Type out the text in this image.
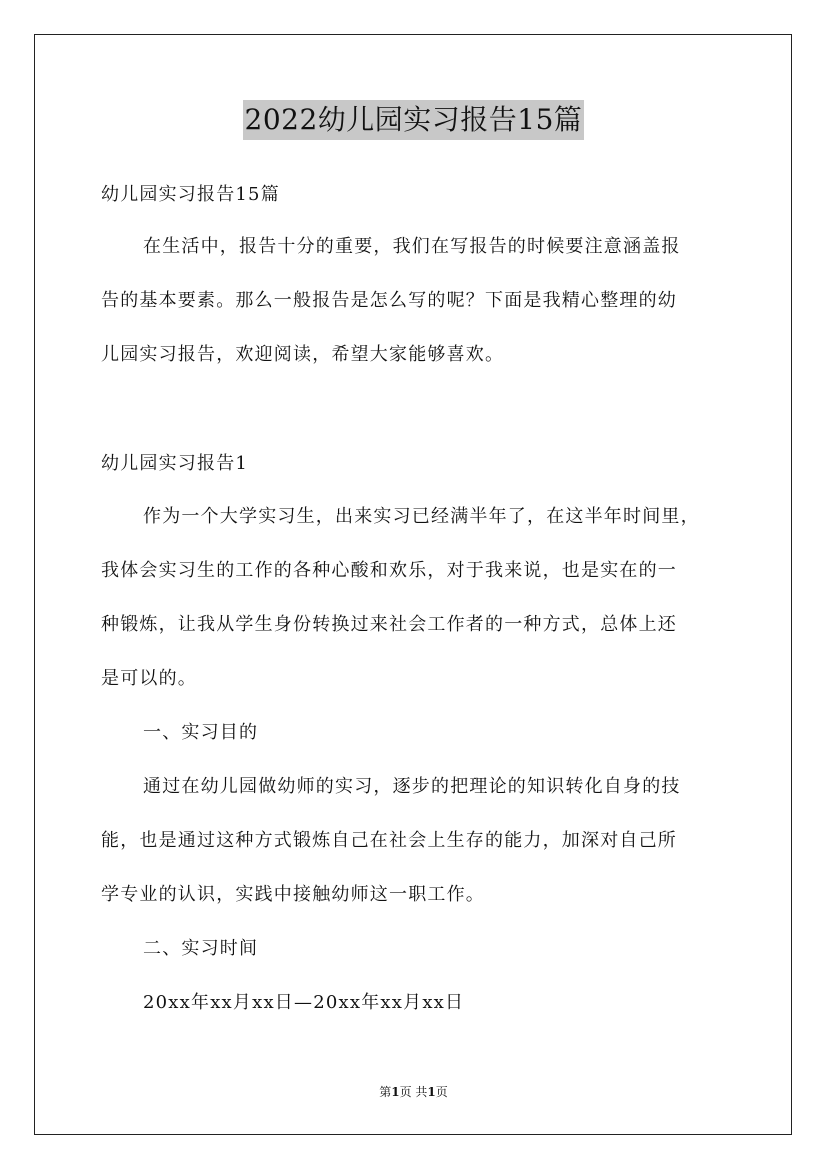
2022幼儿园实习报告15篇
幼儿园实习报告15篇
在生活中，报告十分的重要，我们在写报告的时候要注意涵盖报
告的基本要素。那么一般报告是怎么写的呢？下面是我精心整理的幼
儿园实习报告，欢迎阅读，希望大家能够喜欢。
幼儿园实习报告1
作为一个大学实习生，出来实习已经满半年了，在这半年时间里，
我体会实习生的工作的各种心酸和欢乐，对于我来说，也是实在的一
种锻炼，让我从学生身份转换过来社会工作者的一种方式，总体上还
是可以的。
一、实习目的
通过在幼儿园做幼师的实习，逐步的把理论的知识转化自身的技
能，也是通过这种方式锻炼自己在社会上生存的能力，加深对自己所
学专业的认识，实践中接触幼师这一职工作。
二、实习时间
20xx年xx月xx日—20xx年xx月xx日
第1页 共1页
